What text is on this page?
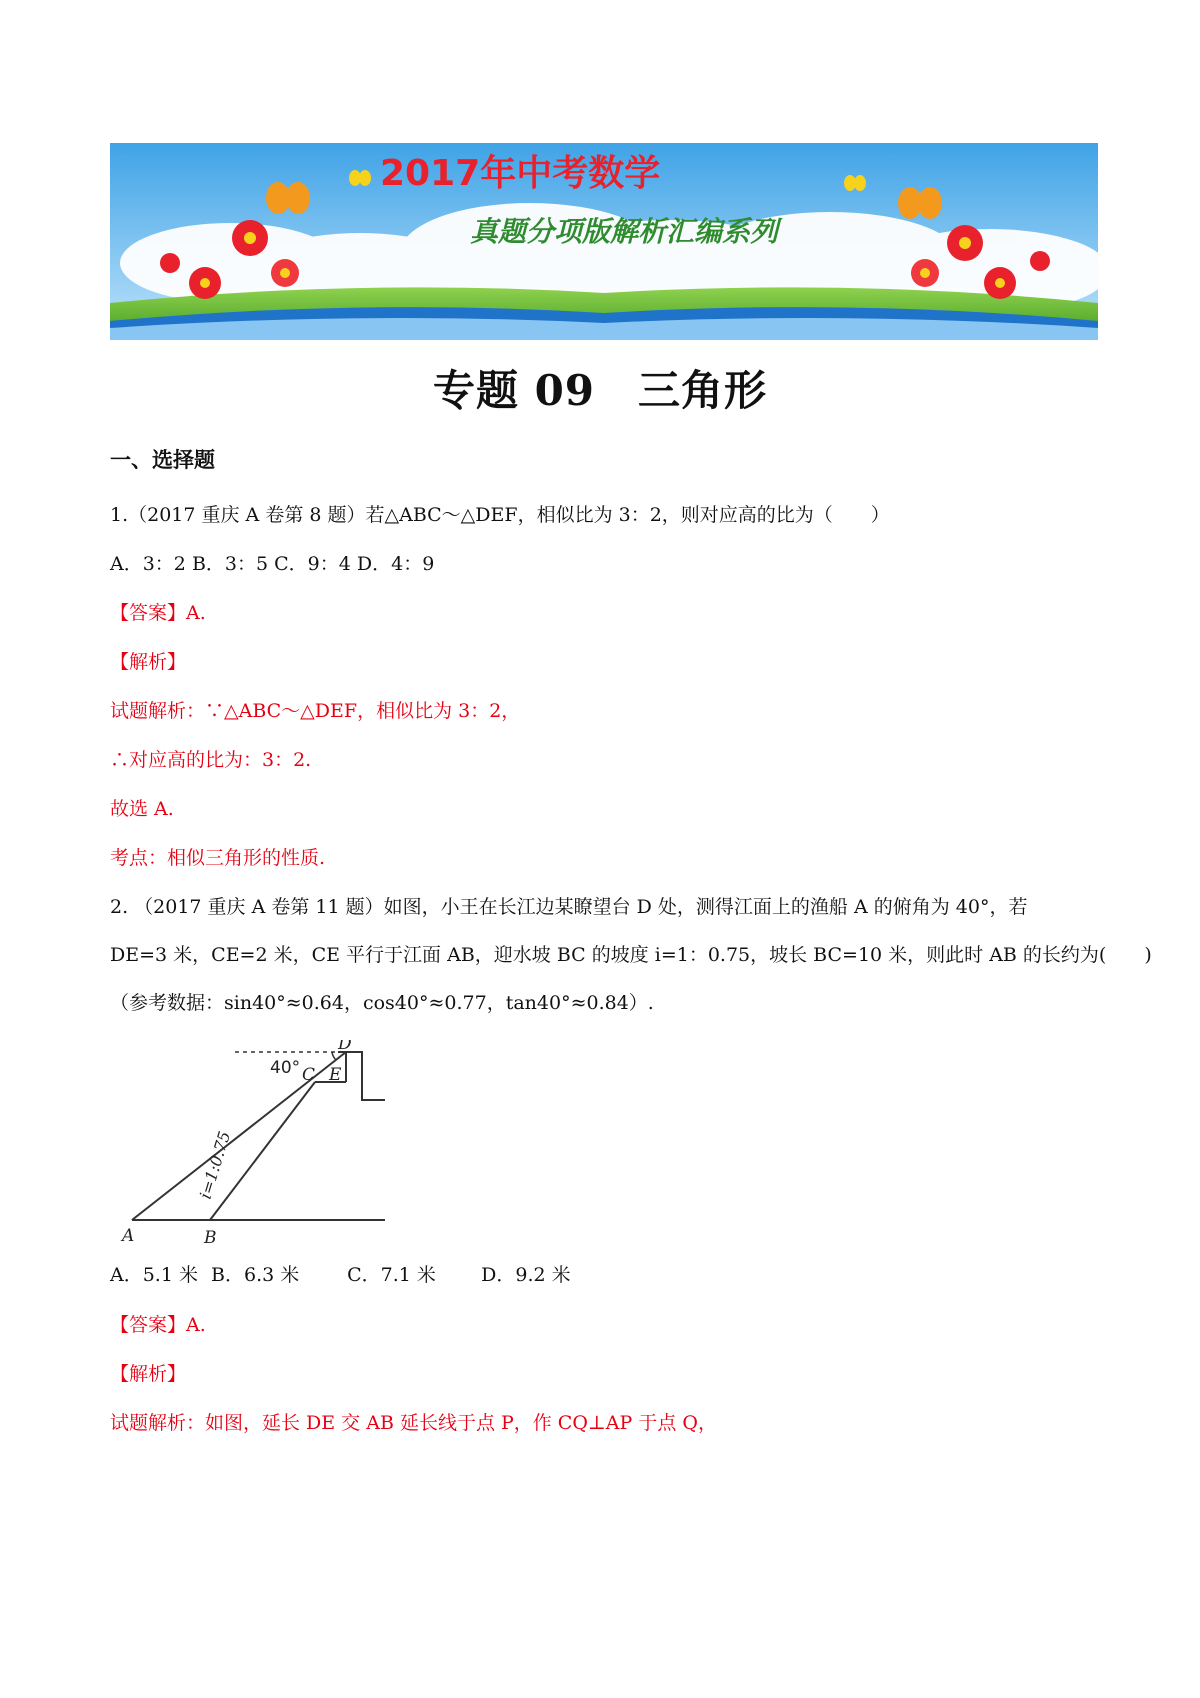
2017年中考数学
真题分项版解析汇编系列
专题 09　三角形
一、选择题
1.（2017 重庆 A 卷第 8 题）若△ABC～△DEF，相似比为 3：2，则对应高的比为（　　）
A．3：2 B．3：5 C．9：4 D．4：9
【答案】A.
【解析】
试题解析：∵△ABC～△DEF，相似比为 3：2，
∴对应高的比为：3：2.
故选 A.
考点：相似三角形的性质.
2. （2017 重庆 A 卷第 11 题）如图，小王在长江边某瞭望台 D 处，测得江面上的渔船 A 的俯角为 40°，若
DE=3 米，CE=2 米，CE 平行于江面 AB，迎水坡 BC 的坡度 i=1：0.75，坡长 BC=10 米，则此时 AB 的长约为(　　)
（参考数据：sin40°≈0.64，cos40°≈0.77，tan40°≈0.84）.
40°
D
C E
A	B
i=1:0.75
A．5.1 米 B．6.3 米	C．7.1 米 D．9.2 米
【答案】A.
【解析】
试题解析：如图，延长 DE 交 AB 延长线于点 P，作 CQ⊥AP 于点 Q，
